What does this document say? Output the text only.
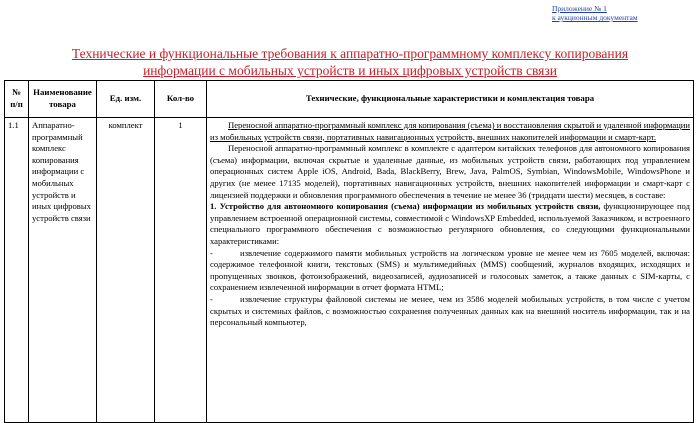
Приложение № 1
к аукционным документам
Технические и функциональные требования к аппаратно-программному комплексу копирования
информации с мобильных устройств и иных цифровых устройств связи
№ п/п	Наименование товара	Ед. изм.	Кол-во	Технические, функциональные характеристики и комплектация товара
1.1	Аппаратно-программный комплекс копирования информации с мобильных устройств и иных цифровых устройств связи	комплект	1	Переносной аппаратно-программный комплекс для копирования (съема) и восстановления скрытой и удаленной информации из мобильных устройств связи, портативных навигационных устройств, внешних накопителей информации и смарт-карт.

Переносной аппаратно-программный комплекс в комплекте с адаптером китайских телефонов для автономного копирования (съема) информации, включая скрытые и удаленные данные, из мобильных устройств связи, работающих под управлением операционных систем Apple iOS, Android, Bada, BlackBerry, Brew, Java, PalmOS, Symbian, WindowsMobile, WindowsPhone и других (не менее 17135 моделей), портативных навигационных устройств, внешних накопителей информации и смарт-карт с лицензией поддержки и обновления программного обеспечения в течение не менее 36 (тридцати шести) месяцев, в составе:

1. Устройство для автономного копирования (съема) информации из мобильных устройств связи, функционирующее под управлением встроенной операционной системы, совместимой с WindowsXP Embedded, используемой Заказчиком, и встроенного специального программного обеспечения с возможностью регулярного обновления, со следующими функциональными характеристиками:

- извлечение содержимого памяти мобильных устройств на логическом уровне не менее чем из 7605 моделей, включая: содержимое телефонной книги, текстовых (SMS) и мультимедийных (MMS) сообщений, журналов входящих, исходящих и пропущенных звонков, фотоизображений, видеозаписей, аудиозаписей и голосовых заметок, а также данных с SIM-карты, с сохранением извлеченной информации в отчет формата HTML;

- извлечение структуры файловой системы не менее, чем из 3586 моделей мобильных устройств, в том числе с учетом скрытых и системных файлов, с возможностью сохранения полученных данных как на внешний носитель информации, так и на персональный компьютер,
